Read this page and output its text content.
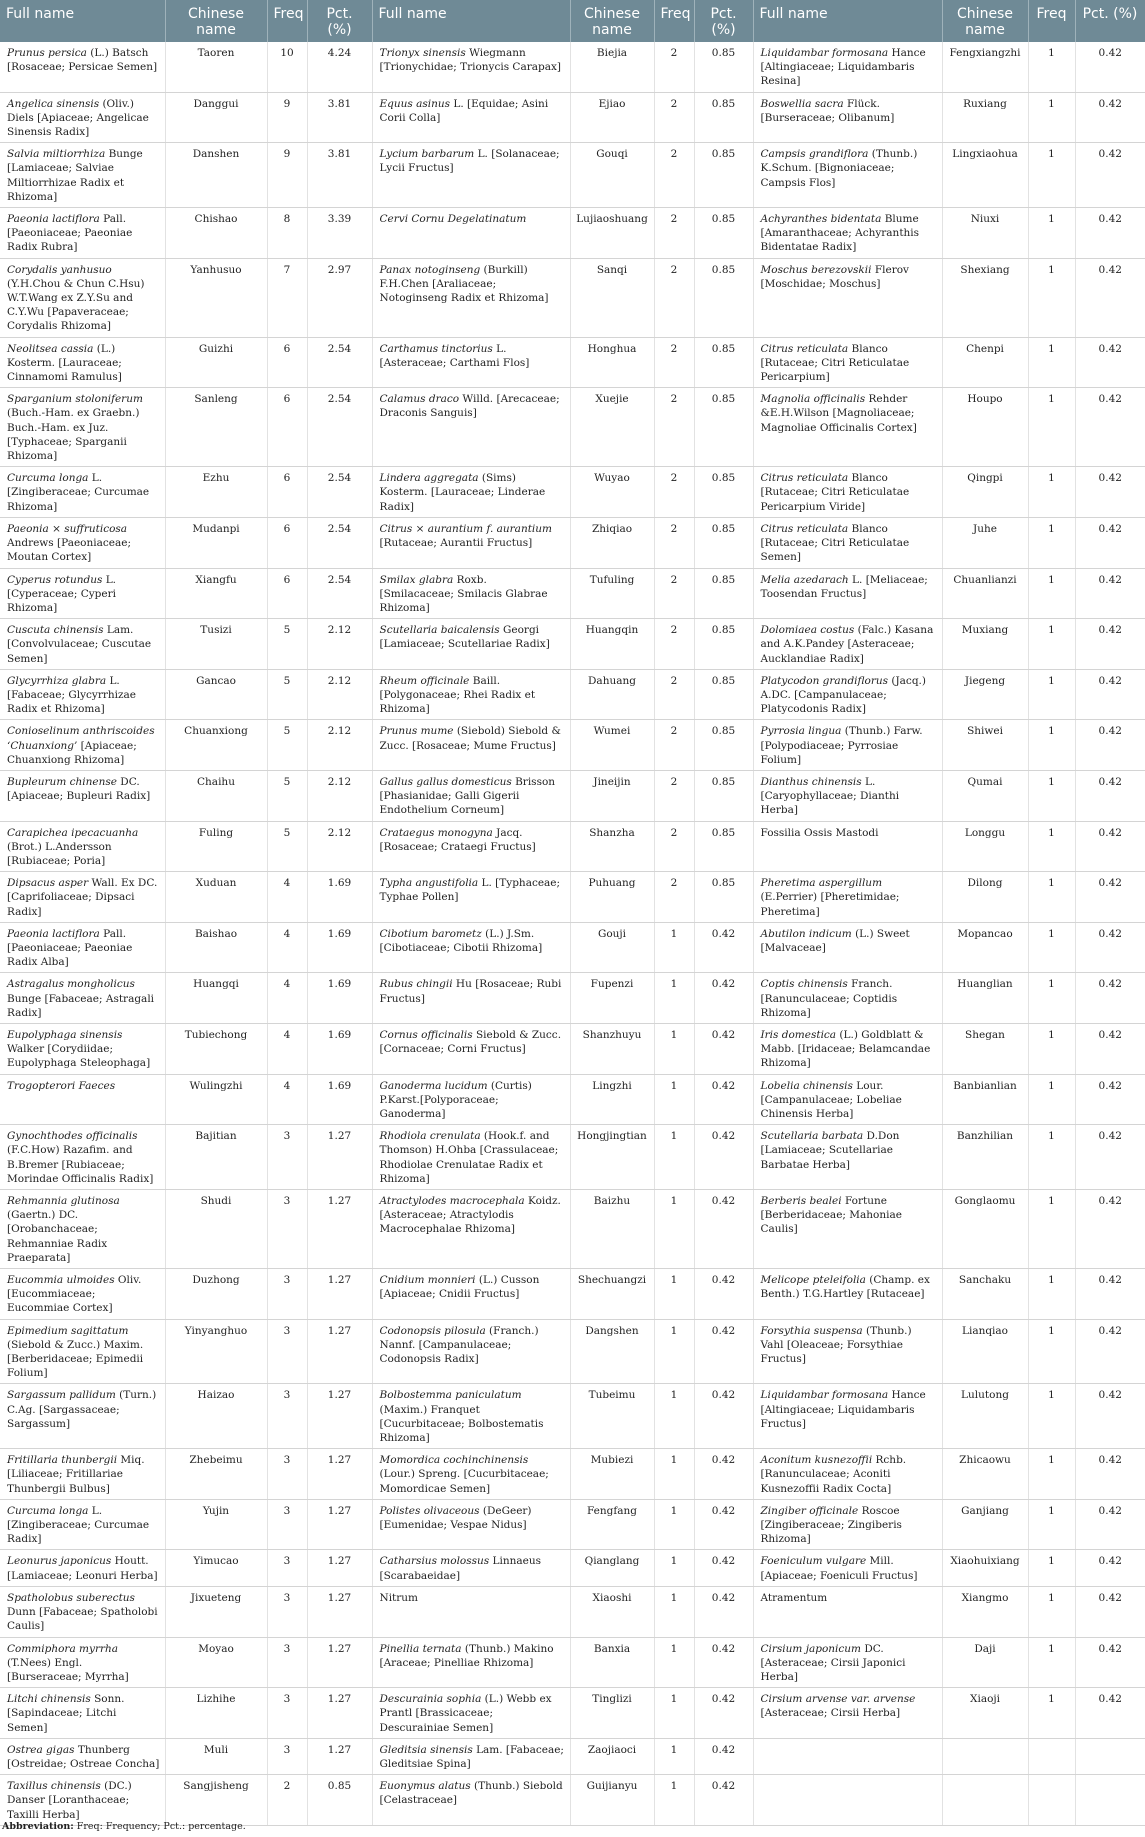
Full name	Chinese name	Freq	Pct. (%)	Full name	Chinese name	Freq	Pct. (%)	Full name	Chinese name	Freq	Pct. (%)
Prunus persica (L.) Batsch [Rosaceae; Persicae Semen]	Taoren	10	4.24	Trionyx sinensis Wiegmann [Trionychidae; Trionycis Carapax]	Biejia	2	0.85	Liquidambar formosana Hance [Altingiaceae; Liquidambaris Resina]	Fengxiangzhi	1	0.42
Angelica sinensis (Oliv.) Diels [Apiaceae; Angelicae Sinensis Radix]	Danggui	9	3.81	Equus asinus L. [Equidae; Asini Corii Colla]	Ejiao	2	0.85	Boswellia sacra Flück. [Burseraceae; Olibanum]	Ruxiang	1	0.42
Salvia miltiorrhiza Bunge [Lamiaceae; Salviae Miltiorrhizae Radix et Rhizoma]	Danshen	9	3.81	Lycium barbarum L. [Solanaceae; Lycii Fructus]	Gouqi	2	0.85	Campsis grandiflora (Thunb.) K.Schum. [Bignoniaceae; Campsis Flos]	Lingxiaohua	1	0.42
Paeonia lactiflora Pall. [Paeoniaceae; Paeoniae Radix Rubra]	Chishao	8	3.39	Cervi Cornu Degelatinatum	Lujiaoshuang	2	0.85	Achyranthes bidentata Blume [Amaranthaceae; Achyranthis Bidentatae Radix]	Niuxi	1	0.42
Corydalis yanhusuo (Y.H.Chou & Chun C.Hsu) W.T.Wang ex Z.Y.Su and C.Y.Wu [Papaveraceae; Corydalis Rhizoma]	Yanhusuo	7	2.97	Panax notoginseng (Burkill) F.H.Chen [Araliaceae; Notoginseng Radix et Rhizoma]	Sanqi	2	0.85	Moschus berezovskii Flerov [Moschidae; Moschus]	Shexiang	1	0.42
Neolitsea cassia (L.) Kosterm. [Lauraceae; Cinnamomi Ramulus]	Guizhi	6	2.54	Carthamus tinctorius L. [Asteraceae; Carthami Flos]	Honghua	2	0.85	Citrus reticulata Blanco [Rutaceae; Citri Reticulatae Pericarpium]	Chenpi	1	0.42
Sparganium stoloniferum (Buch.-Ham. ex Graebn.) Buch.-Ham. ex Juz. [Typhaceae; Sparganii Rhizoma]	Sanleng	6	2.54	Calamus draco Willd. [Arecaceae; Draconis Sanguis]	Xuejie	2	0.85	Magnolia officinalis Rehder &E.H.Wilson [Magnoliaceae; Magnoliae Officinalis Cortex]	Houpo	1	0.42
Curcuma longa L. [Zingiberaceae; Curcumae Rhizoma]	Ezhu	6	2.54	Lindera aggregata (Sims) Kosterm. [Lauraceae; Linderae Radix]	Wuyao	2	0.85	Citrus reticulata Blanco [Rutaceae; Citri Reticulatae Pericarpium Viride]	Qingpi	1	0.42
Paeonia × suffruticosa Andrews [Paeoniaceae; Moutan Cortex]	Mudanpi	6	2.54	Citrus × aurantium f. aurantium [Rutaceae; Aurantii Fructus]	Zhiqiao	2	0.85	Citrus reticulata Blanco [Rutaceae; Citri Reticulatae Semen]	Juhe	1	0.42
Cyperus rotundus L. [Cyperaceae; Cyperi Rhizoma]	Xiangfu	6	2.54	Smilax glabra Roxb. [Smilacaceae; Smilacis Glabrae Rhizoma]	Tufuling	2	0.85	Melia azedarach L. [Meliaceae; Toosendan Fructus]	Chuanlianzi	1	0.42
Cuscuta chinensis Lam. [Convolvulaceae; Cuscutae Semen]	Tusizi	5	2.12	Scutellaria baicalensis Georgi [Lamiaceae; Scutellariae Radix]	Huangqin	2	0.85	Dolomiaea costus (Falc.) Kasana and A.K.Pandey [Asteraceae; Aucklandiae Radix]	Muxiang	1	0.42
Glycyrrhiza glabra L. [Fabaceae; Glycyrrhizae Radix et Rhizoma]	Gancao	5	2.12	Rheum officinale Baill. [Polygonaceae; Rhei Radix et Rhizoma]	Dahuang	2	0.85	Platycodon grandiflorus (Jacq.) A.DC. [Campanulaceae; Platycodonis Radix]	Jiegeng	1	0.42
Conioselinum anthriscoides ‘Chuanxiong’ [Apiaceae; Chuanxiong Rhizoma]	Chuanxiong	5	2.12	Prunus mume (Siebold) Siebold & Zucc. [Rosaceae; Mume Fructus]	Wumei	2	0.85	Pyrrosia lingua (Thunb.) Farw. [Polypodiaceae; Pyrrosiae Folium]	Shiwei	1	0.42
Bupleurum chinense DC. [Apiaceae; Bupleuri Radix]	Chaihu	5	2.12	Gallus gallus domesticus Brisson [Phasianidae; Galli Gigerii Endothelium Corneum]	Jineijin	2	0.85	Dianthus chinensis L. [Caryophyllaceae; Dianthi Herba]	Qumai	1	0.42
Carapichea ipecacuanha (Brot.) L.Andersson [Rubiaceae; Poria]	Fuling	5	2.12	Crataegus monogyna Jacq. [Rosaceae; Crataegi Fructus]	Shanzha	2	0.85	Fossilia Ossis Mastodi	Longgu	1	0.42
Dipsacus asper Wall. Ex DC. [Caprifoliaceae; Dipsaci Radix]	Xuduan	4	1.69	Typha angustifolia L. [Typhaceae; Typhae Pollen]	Puhuang	2	0.85	Pheretima aspergillum (E.Perrier) [Pheretimidae; Pheretima]	Dilong	1	0.42
Paeonia lactiflora Pall. [Paeoniaceae; Paeoniae Radix Alba]	Baishao	4	1.69	Cibotium barometz (L.) J.Sm. [Cibotiaceae; Cibotii Rhizoma]	Gouji	1	0.42	Abutilon indicum (L.) Sweet [Malvaceae]	Mopancao	1	0.42
Astragalus mongholicus Bunge [Fabaceae; Astragali Radix]	Huangqi	4	1.69	Rubus chingii Hu [Rosaceae; Rubi Fructus]	Fupenzi	1	0.42	Coptis chinensis Franch. [Ranunculaceae; Coptidis Rhizoma]	Huanglian	1	0.42
Eupolyphaga sinensis Walker [Corydiidae; Eupolyphaga Steleophaga]	Tubiechong	4	1.69	Cornus officinalis Siebold & Zucc. [Cornaceae; Corni Fructus]	Shanzhuyu	1	0.42	Iris domestica (L.) Goldblatt & Mabb. [Iridaceae; Belamcandae Rhizoma]	Shegan	1	0.42
Trogopterori Faeces	Wulingzhi	4	1.69	Ganoderma lucidum (Curtis) P.Karst.[Polyporaceae; Ganoderma]	Lingzhi	1	0.42	Lobelia chinensis Lour. [Campanulaceae; Lobeliae Chinensis Herba]	Banbianlian	1	0.42
Gynochthodes officinalis (F.C.How) Razafim. and B.Bremer [Rubiaceae; Morindae Officinalis Radix]	Bajitian	3	1.27	Rhodiola crenulata (Hook.f. and Thomson) H.Ohba [Crassulaceae; Rhodiolae Crenulatae Radix et Rhizoma]	Hongjingtian	1	0.42	Scutellaria barbata D.Don [Lamiaceae; Scutellariae Barbatae Herba]	Banzhilian	1	0.42
Rehmannia glutinosa (Gaertn.) DC. [Orobanchaceae; Rehmanniae Radix Praeparata]	Shudi	3	1.27	Atractylodes macrocephala Koidz. [Asteraceae; Atractylodis Macrocephalae Rhizoma]	Baizhu	1	0.42	Berberis bealei Fortune [Berberidaceae; Mahoniae Caulis]	Gonglaomu	1	0.42
Eucommia ulmoides Oliv. [Eucommiaceae; Eucommiae Cortex]	Duzhong	3	1.27	Cnidium monnieri (L.) Cusson [Apiaceae; Cnidii Fructus]	Shechuangzi	1	0.42	Melicope pteleifolia (Champ. ex Benth.) T.G.Hartley [Rutaceae]	Sanchaku	1	0.42
Epimedium sagittatum (Siebold & Zucc.) Maxim. [Berberidaceae; Epimedii Folium]	Yinyanghuo	3	1.27	Codonopsis pilosula (Franch.) Nannf. [Campanulaceae; Codonopsis Radix]	Dangshen	1	0.42	Forsythia suspensa (Thunb.) Vahl [Oleaceae; Forsythiae Fructus]	Lianqiao	1	0.42
Sargassum pallidum (Turn.) C.Ag. [Sargassaceae; Sargassum]	Haizao	3	1.27	Bolbostemma paniculatum (Maxim.) Franquet [Cucurbitaceae; Bolbostematis Rhizoma]	Tubeimu	1	0.42	Liquidambar formosana Hance [Altingiaceae; Liquidambaris Fructus]	Lulutong	1	0.42
Fritillaria thunbergii Miq. [Liliaceae; Fritillariae Thunbergii Bulbus]	Zhebeimu	3	1.27	Momordica cochinchinensis (Lour.) Spreng. [Cucurbitaceae; Momordicae Semen]	Mubiezi	1	0.42	Aconitum kusnezoffii Rchb.[Ranunculaceae; Aconiti Kusnezoffii Radix Cocta]	Zhicaowu	1	0.42
Curcuma longa L. [Zingiberaceae; Curcumae Radix]	Yujin	3	1.27	Polistes olivaceous (DeGeer) [Eumenidae; Vespae Nidus]	Fengfang	1	0.42	Zingiber officinale Roscoe [Zingiberaceae; Zingiberis Rhizoma]	Ganjiang	1	0.42
Leonurus japonicus Houtt. [Lamiaceae; Leonuri Herba]	Yimucao	3	1.27	Catharsius molossus Linnaeus [Scarabaeidae]	Qianglang	1	0.42	Foeniculum vulgare Mill. [Apiaceae; Foeniculi Fructus]	Xiaohuixiang	1	0.42
Spatholobus suberectus Dunn [Fabaceae; Spatholobi Caulis]	Jixueteng	3	1.27	Nitrum	Xiaoshi	1	0.42	Atramentum	Xiangmo	1	0.42
Commiphora myrrha (T.Nees) Engl. [Burseraceae; Myrrha]	Moyao	3	1.27	Pinellia ternata (Thunb.) Makino [Araceae; Pinelliae Rhizoma]	Banxia	1	0.42	Cirsium japonicum DC. [Asteraceae; Cirsii Japonici Herba]	Daji	1	0.42
Litchi chinensis Sonn. [Sapindaceae; Litchi Semen]	Lizhihe	3	1.27	Descurainia sophia (L.) Webb ex Prantl [Brassicaceae; Descurainiae Semen]	Tinglizi	1	0.42	Cirsium arvense var. arvense [Asteraceae; Cirsii Herba]	Xiaoji	1	0.42
Ostrea gigas Thunberg [Ostreidae; Ostreae Concha]	Muli	3	1.27	Gleditsia sinensis Lam. [Fabaceae; Gleditsiae Spina]	Zaojiaoci	1	0.42				
Taxillus chinensis (DC.) Danser [Loranthaceae; Taxilli Herba]	Sangjisheng	2	0.85	Euonymus alatus (Thunb.) Siebold [Celastraceae]	Guijianyu	1	0.42				
Abbreviation: Freq: Frequency; Pct.: percentage.
